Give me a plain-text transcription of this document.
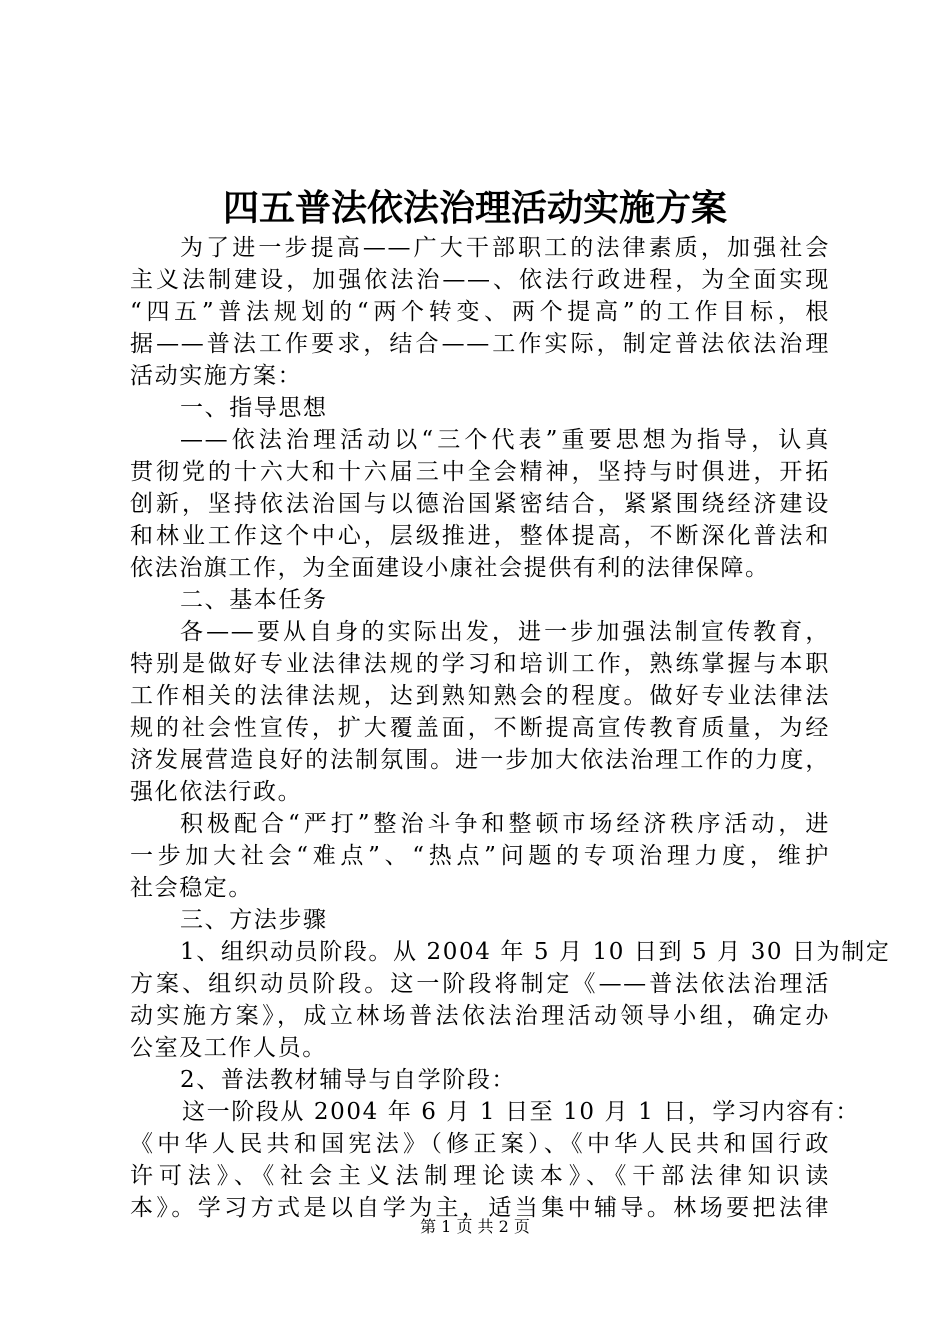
四五普法依法治理活动实施方案
为了进一步提高——广大干部职工的法律素质，加强社会
主义法制建设，加强依法治——、依法行政进程，为全面实现
“四五”普法规划的“两个转变、两个提高”的工作目标，根
据——普法工作要求，结合——工作实际，制定普法依法治理
活动实施方案：
一、指导思想
——依法治理活动以“三个代表”重要思想为指导，认真
贯彻党的十六大和十六届三中全会精神，坚持与时俱进，开拓
创新，坚持依法治国与以德治国紧密结合，紧紧围绕经济建设
和林业工作这个中心，层级推进，整体提高，不断深化普法和
依法治旗工作，为全面建设小康社会提供有利的法律保障。
二、基本任务
各——要从自身的实际出发，进一步加强法制宣传教育，
特别是做好专业法律法规的学习和培训工作，熟练掌握与本职
工作相关的法律法规，达到熟知熟会的程度。做好专业法律法
规的社会性宣传，扩大覆盖面，不断提高宣传教育质量，为经
济发展营造良好的法制氛围。进一步加大依法治理工作的力度，
强化依法行政。
积极配合“严打”整治斗争和整顿市场经济秩序活动，进
一步加大社会“难点”、“热点”问题的专项治理力度，维护
社会稳定。
三、方法步骤
1、组织动员阶段。从 2004 年 5 月 10 日到 5 月 30 日为制定
方案、组织动员阶段。这一阶段将制定《——普法依法治理活
动实施方案》，成立林场普法依法治理活动领导小组，确定办
公室及工作人员。
2、普法教材辅导与自学阶段：
这一阶段从 2004 年 6 月 1 日至 10 月 1 日，学习内容有：
《中华人民共和国宪法》（修正案）、《中华人民共和国行政
许可法》、《社会主义法制理论读本》、《干部法律知识读
本》。学习方式是以自学为主，适当集中辅导。林场要把法律
第 1 页 共 2 页
